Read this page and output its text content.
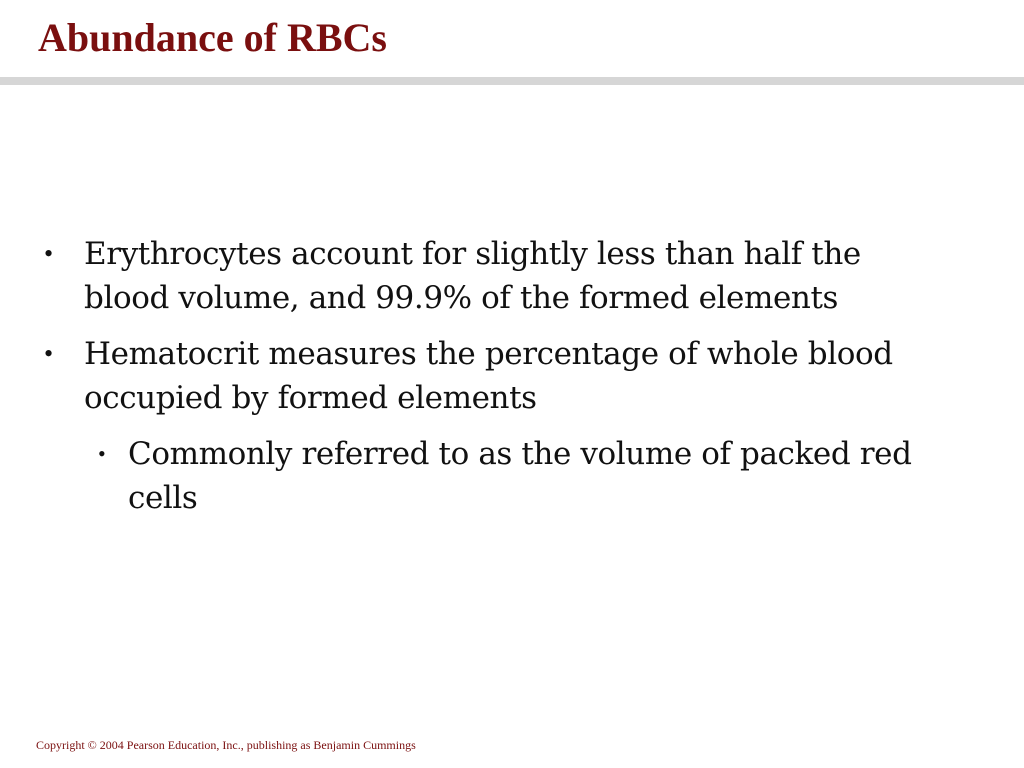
Abundance of RBCs
• Erythrocytes account for slightly less than half the blood volume, and 99.9% of the formed elements
• Hematocrit measures the percentage of whole blood occupied by formed elements
• Commonly referred to as the volume of packed red cells
Copyright © 2004 Pearson Education, Inc., publishing as Benjamin Cummings
